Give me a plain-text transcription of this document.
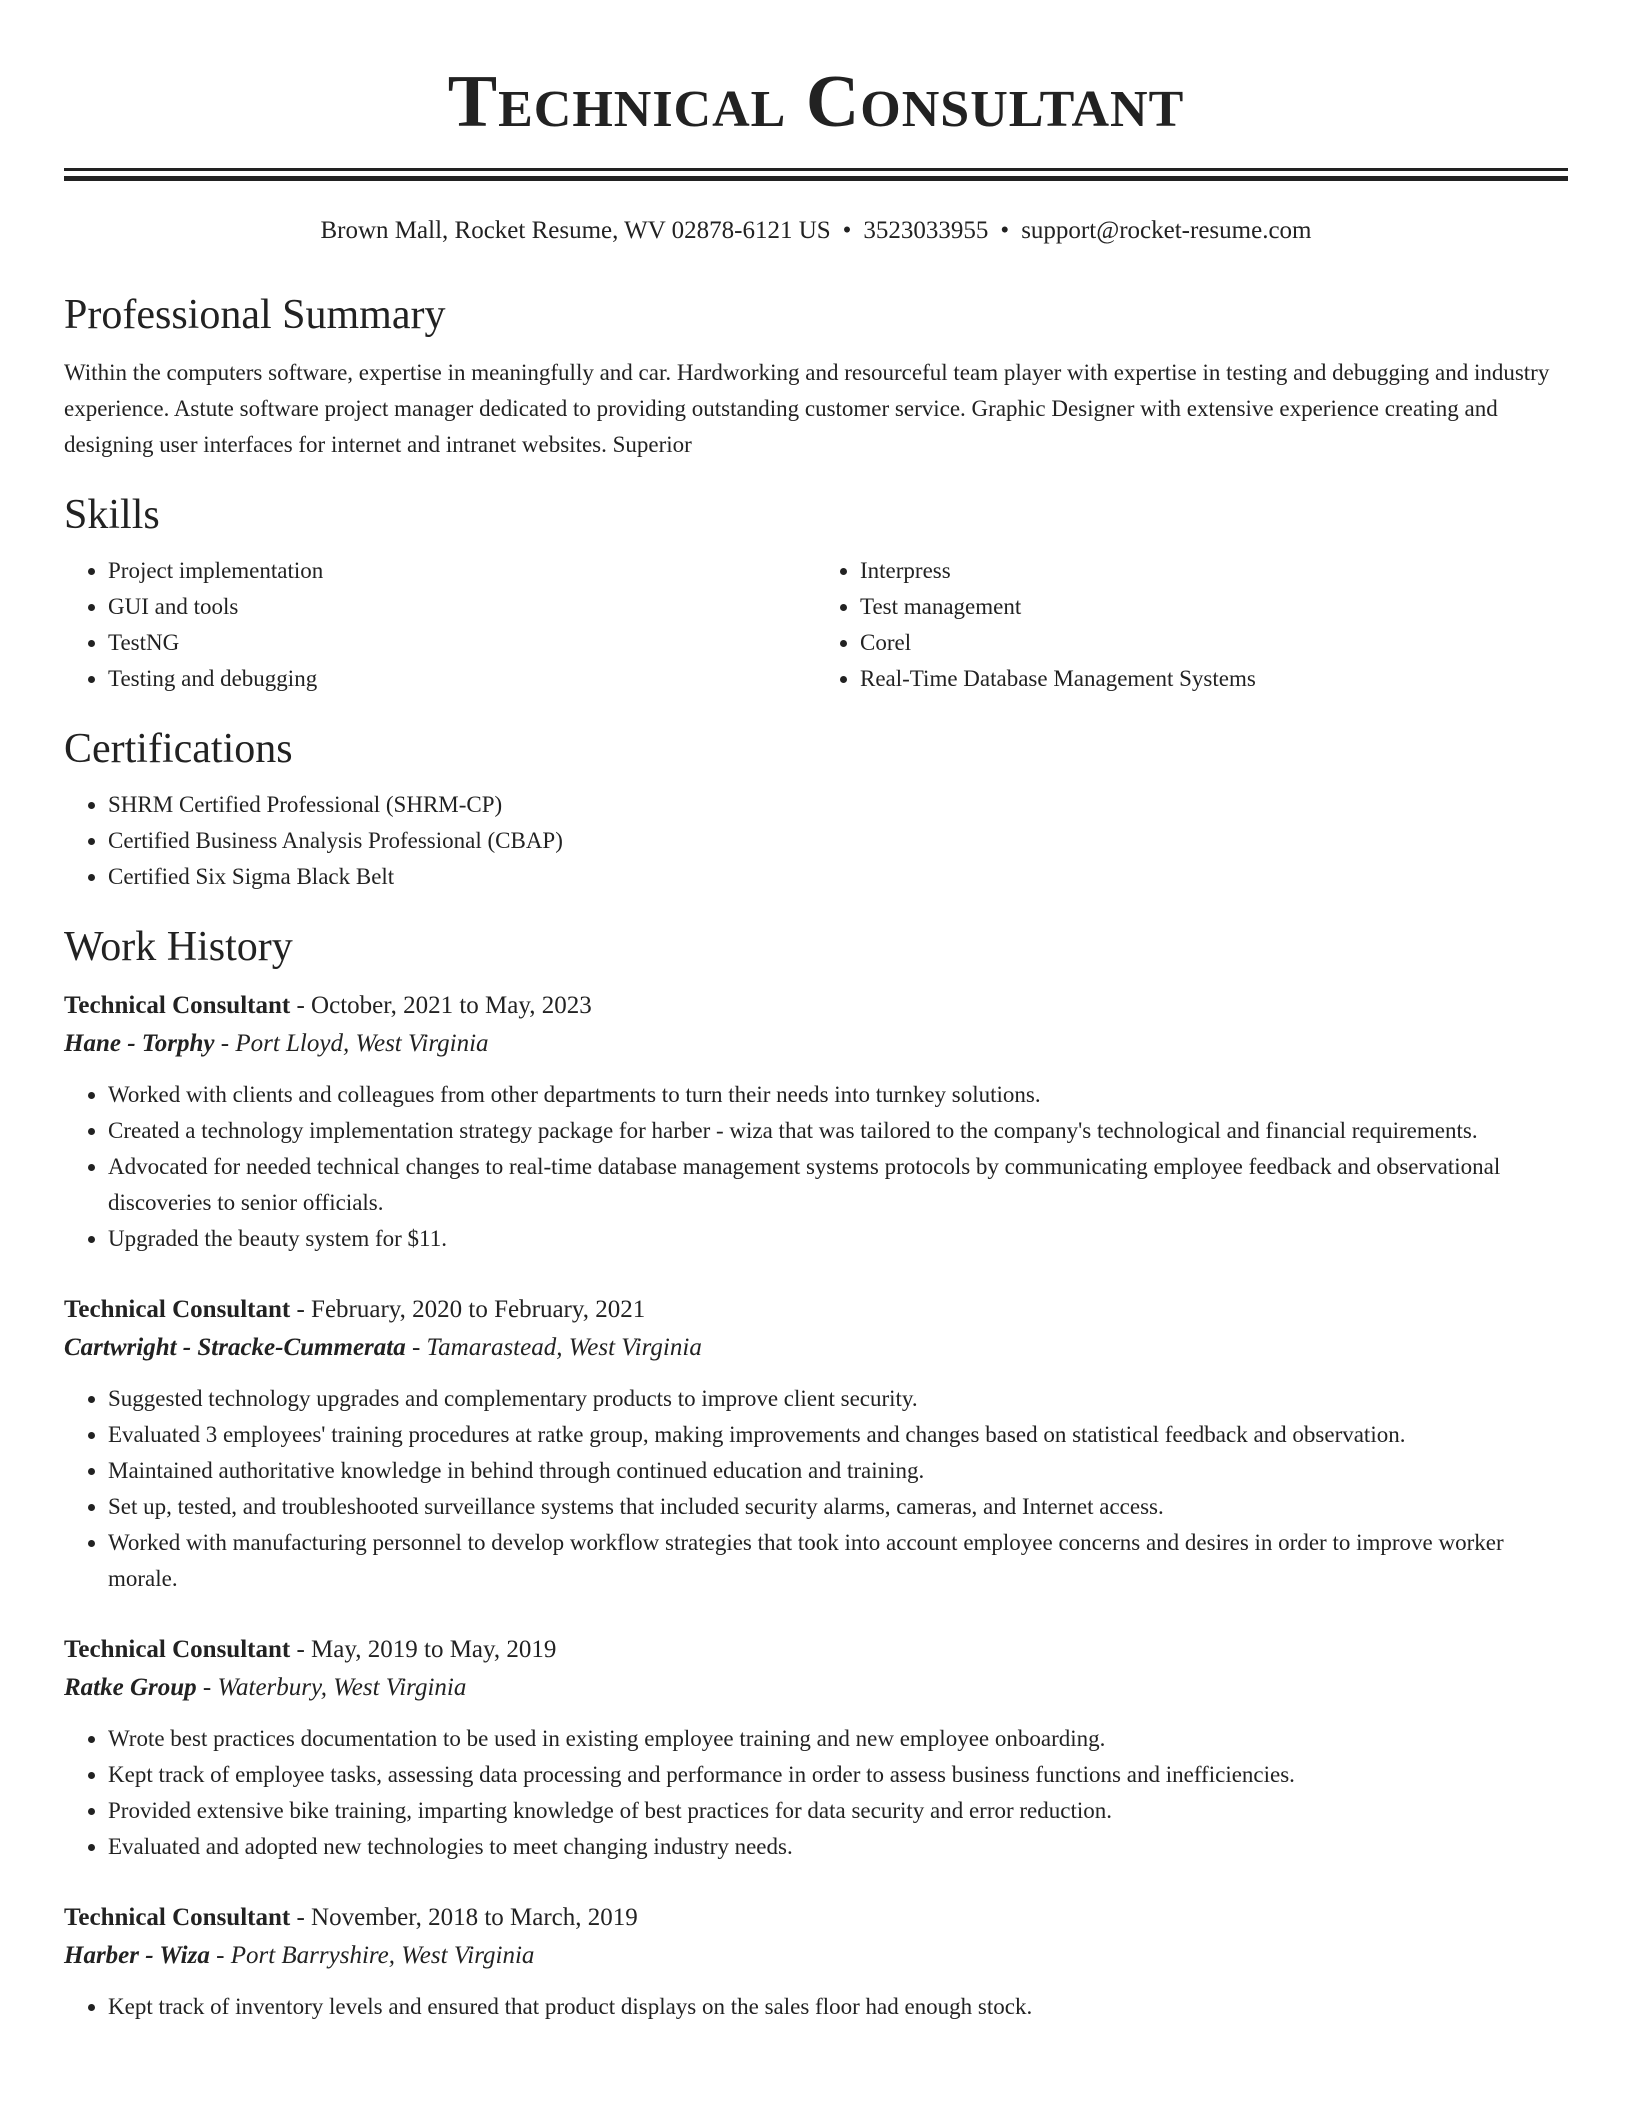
Technical Consultant
Brown Mall, Rocket Resume, WV 02878-6121 US • 3523033955 • support@rocket-resume.com
Professional Summary

Within the computers software, expertise in meaningfully and car. Hardworking and resourceful team player with expertise in testing and debugging and industry experience. Astute software project manager dedicated to providing outstanding customer service. Graphic Designer with extensive experience creating and designing user interfaces for internet and intranet websites. Superior

Skills
• Project implementation
• GUI and tools
• TestNG
• Testing and debugging
• Interpress
• Test management
• Corel
• Real-Time Database Management Systems
Certifications
• SHRM Certified Professional (SHRM-CP)
• Certified Business Analysis Professional (CBAP)
• Certified Six Sigma Black Belt
Work History
Technical Consultant - October, 2021 to May, 2023
Hane - Torphy - Port Lloyd, West Virginia
• Worked with clients and colleagues from other departments to turn their needs into turnkey solutions.
• Created a technology implementation strategy package for harber - wiza that was tailored to the company's technological and financial requirements.
• Advocated for needed technical changes to real-time database management systems protocols by communicating employee feedback and observational discoveries to senior officials.
• Upgraded the beauty system for $11.
Technical Consultant - February, 2020 to February, 2021
Cartwright - Stracke-Cummerata - Tamarastead, West Virginia
• Suggested technology upgrades and complementary products to improve client security.
• Evaluated 3 employees' training procedures at ratke group, making improvements and changes based on statistical feedback and observation.
• Maintained authoritative knowledge in behind through continued education and training.
• Set up, tested, and troubleshooted surveillance systems that included security alarms, cameras, and Internet access.
• Worked with manufacturing personnel to develop workflow strategies that took into account employee concerns and desires in order to improve worker morale.
Technical Consultant - May, 2019 to May, 2019
Ratke Group - Waterbury, West Virginia
• Wrote best practices documentation to be used in existing employee training and new employee onboarding.
• Kept track of employee tasks, assessing data processing and performance in order to assess business functions and inefficiencies.
• Provided extensive bike training, imparting knowledge of best practices for data security and error reduction.
• Evaluated and adopted new technologies to meet changing industry needs.
Technical Consultant - November, 2018 to March, 2019
Harber - Wiza - Port Barryshire, West Virginia
• Kept track of inventory levels and ensured that product displays on the sales floor had enough stock.
